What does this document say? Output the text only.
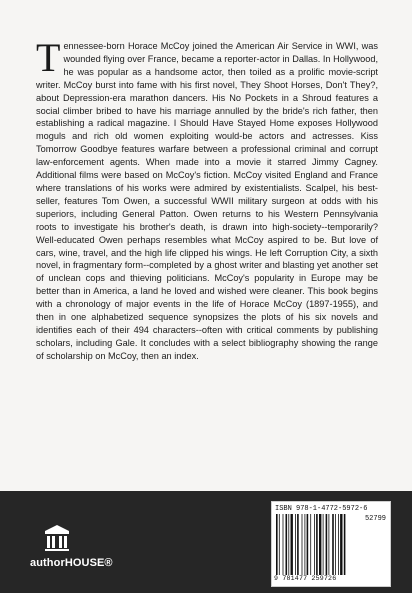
Tennessee-born Horace McCoy joined the American Air Service in WWI, was wounded flying over France, became a reporter-actor in Dallas. In Hollywood, he was popular as a handsome actor, then toiled as a prolific movie-script writer. McCoy burst into fame with his first novel, They Shoot Horses, Don't They?, about Depression-era marathon dancers. His No Pockets in a Shroud features a social climber bribed to have his marriage annulled by the bride's rich father, then establishing a radical magazine. I Should Have Stayed Home exposes Hollywood moguls and rich old women exploiting would-be actors and actresses. Kiss Tomorrow Goodbye features warfare between a professional criminal and corrupt law-enforcement agents. When made into a movie it starred Jimmy Cagney. Additional films were based on McCoy's fiction. McCoy visited England and France where translations of his works were admired by existentialists. Scalpel, his best-seller, features Tom Owen, a successful WWII military surgeon at odds with his superiors, including General Patton. Owen returns to his Western Pennsylvania roots to investigate his brother's death, is drawn into high-society--temporarily? Well-educated Owen perhaps resembles what McCoy aspired to be. But love of cars, wine, travel, and the high life clipped his wings. He left Corruption City, a sixth novel, in fragmentary form--completed by a ghost writer and blasting yet another set of unclean cops and thieving politicians. McCoy's popularity in Europe may be better than in America, a land he loved and wished were cleaner. This book begins with a chronology of major events in the life of Horace McCoy (1897-1955), and then in one alphabetized sequence synopsizes the plots of his six novels and identifies each of their 494 characters--often with critical comments by publishing scholars, including Gale. It concludes with a select bibliography showing the range of scholarship on McCoy, then an index.
authorHOUSE®
ISBN 978-1-4772-5972-6
52799
9 781477 259726
